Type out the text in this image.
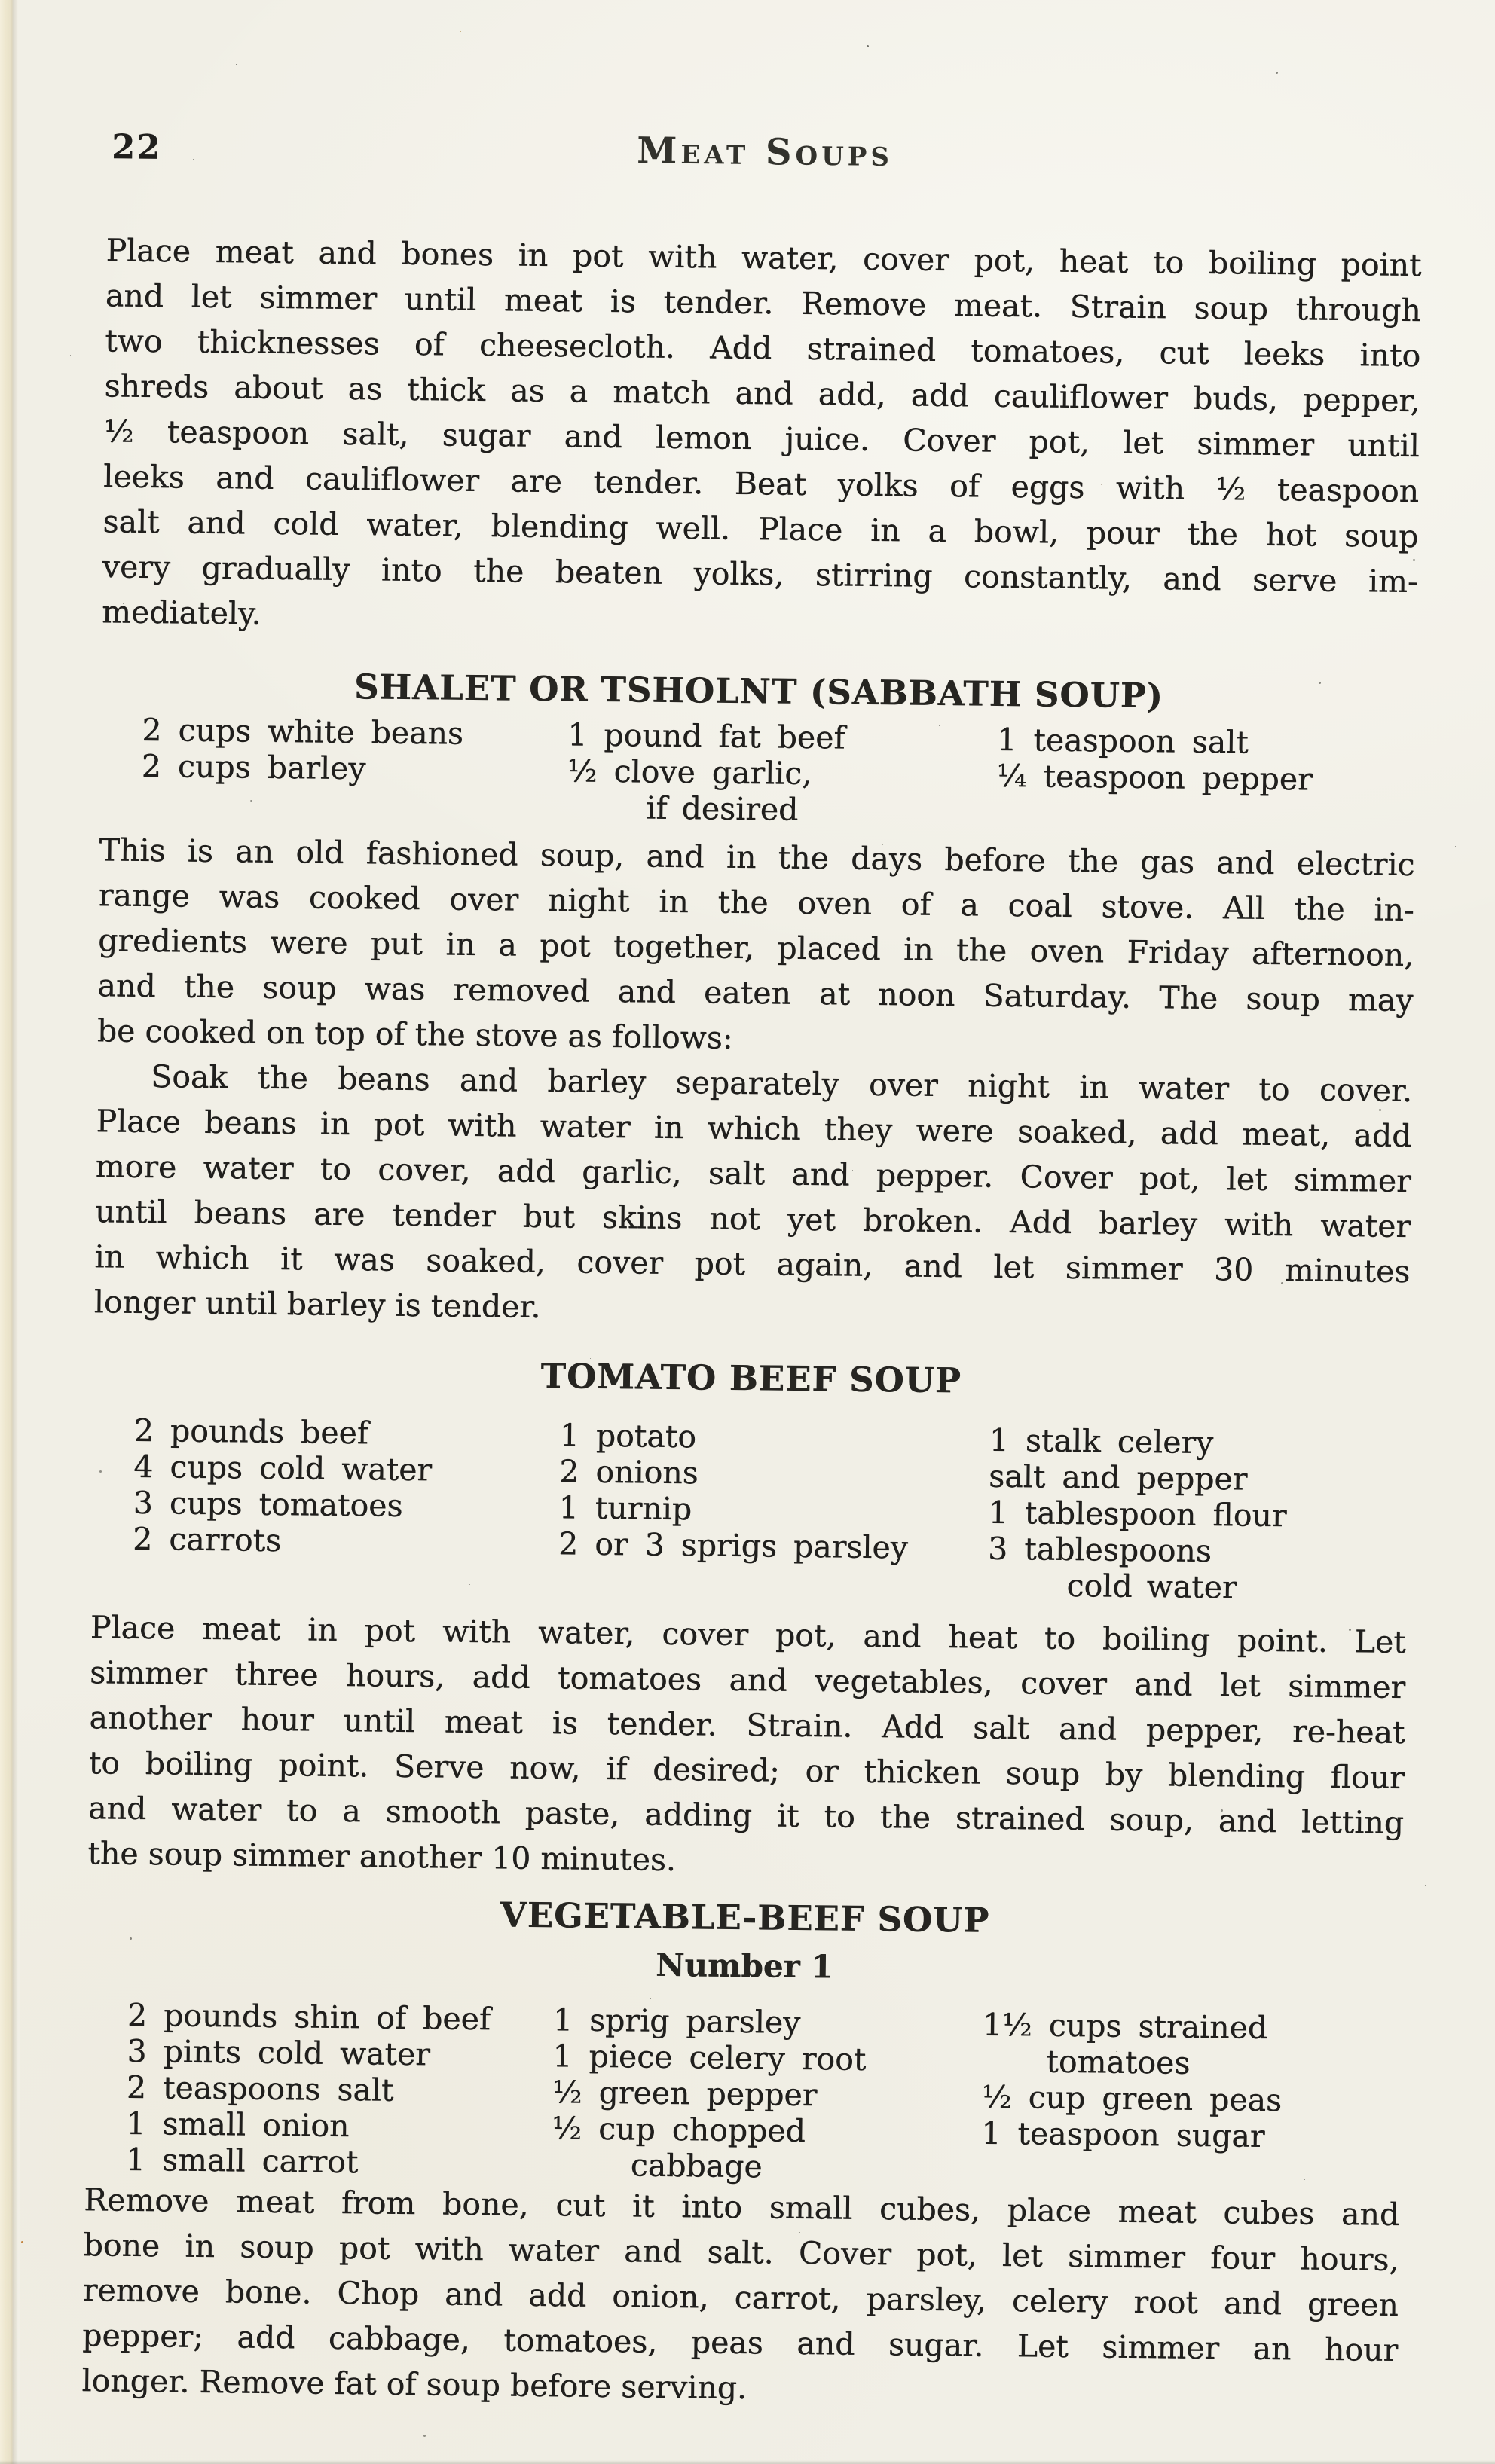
22	Meat Soups
Place meat and bones in pot with water, cover pot, heat to boiling point
and let simmer until meat is tender. Remove meat. Strain soup through
two thicknesses of cheesecloth. Add strained tomatoes, cut leeks into
shreds about as thick as a match and add, add cauliflower buds, pepper,
½ teaspoon salt, sugar and lemon juice. Cover pot, let simmer until
leeks and cauliflower are tender. Beat yolks of eggs with ½ teaspoon
salt and cold water, blending well. Place in a bowl, pour the hot soup
very gradually into the beaten yolks, stirring constantly, and serve im-
mediately.
SHALET OR TSHOLNT (SABBATH SOUP)
2 cups white beans
2 cups barley
1 pound fat beef
½ clove garlic,
if desired
1 teaspoon salt
¼ teaspoon pepper
This is an old fashioned soup, and in the days before the gas and electric
range was cooked over night in the oven of a coal stove. All the in-
gredients were put in a pot together, placed in the oven Friday afternoon,
and the soup was removed and eaten at noon Saturday. The soup may
be cooked on top of the stove as follows:
Soak the beans and barley separately over night in water to cover.
Place beans in pot with water in which they were soaked, add meat, add
more water to cover, add garlic, salt and pepper. Cover pot, let simmer
until beans are tender but skins not yet broken. Add barley with water
in which it was soaked, cover pot again, and let simmer 30 minutes
longer until barley is tender.
TOMATO BEEF SOUP
2 pounds beef
4 cups cold water
3 cups tomatoes
2 carrots
1 potato
2 onions
1 turnip
2 or 3 sprigs parsley
1 stalk celery
salt and pepper
1 tablespoon flour
3 tablespoons
cold water
Place meat in pot with water, cover pot, and heat to boiling point. Let
simmer three hours, add tomatoes and vegetables, cover and let simmer
another hour until meat is tender. Strain. Add salt and pepper, re-heat
to boiling point. Serve now, if desired; or thicken soup by blending flour
and water to a smooth paste, adding it to the strained soup, and letting
the soup simmer another 10 minutes.
VEGETABLE-BEEF SOUP
Number 1
2 pounds shin of beef
3 pints cold water
2 teaspoons salt
1 small onion
1 small carrot
1 sprig parsley
1 piece celery root
½ green pepper
½ cup chopped
cabbage
1½ cups strained
tomatoes
½ cup green peas
1 teaspoon sugar
Remove meat from bone, cut it into small cubes, place meat cubes and
bone in soup pot with water and salt. Cover pot, let simmer four hours,
remove bone. Chop and add onion, carrot, parsley, celery root and green
pepper; add cabbage, tomatoes, peas and sugar. Let simmer an hour
longer. Remove fat of soup before serving.
